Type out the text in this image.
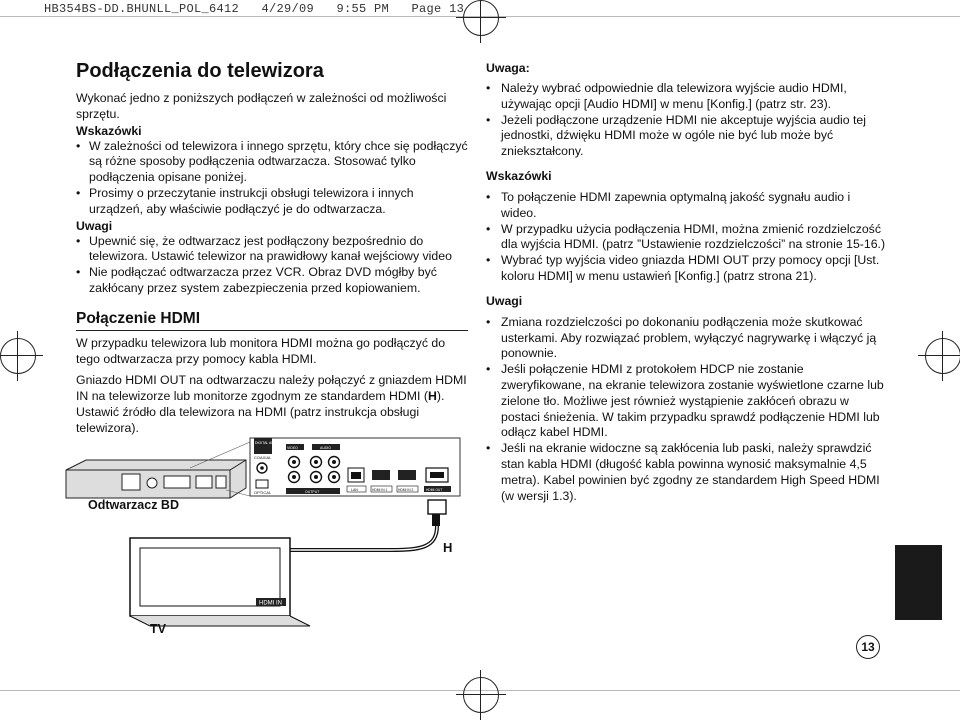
HB354BS-DD.BHUNLL_POL_6412   4/29/09   9:55 PM   Page 13
Podłączenia do telewizora

Wykonać jedno z poniższych podłączeń w zależności od możliwości sprzętu.

Wskazówki
• W zależności od telewizora i innego sprzętu, który chce się podłączyć są różne sposoby podłączenia odtwarzacza. Stosować tylko podłączenia opisane poniżej.
• Prosimy o przeczytanie instrukcji obsługi telewizora i innych urządzeń, aby właściwie podłączyć je do odtwarzacza.
Uwagi
• Upewnić się, że odtwarzacz jest podłączony bezpośrednio do telewizora. Ustawić telewizor na prawidłowy kanał wejściowy video
• Nie podłączać odtwarzacza przez VCR. Obraz DVD mógłby być zakłócany przez system zabezpieczenia przed kopiowaniem.
Połączenie HDMI

W przypadku telewizora lub monitora HDMI można go podłączyć do tego odtwarzacza przy pomocy kabla HDMI.

Gniazdo HDMI OUT na odtwarzaczu należy połączyć z gniazdem HDMI IN na telewizorze lub monitorze zgodnym ze standardem HDMI (H). Ustawić źródło dla telewizora na HDMI (patrz instrukcja obsługi telewizora).

Uwaga:
• Należy wybrać odpowiednie dla telewizora wyjście audio HDMI, używając opcji [Audio HDMI] w menu [Konfig.] (patrz str. 23).
• Jeżeli podłączone urządzenie HDMI nie akceptuje wyjścia audio tej jednostki, dźwięku HDMI może w ogóle nie być lub może być zniekształcony.
Wskazówki
• To połączenie HDMI zapewnia optymalną jakość sygnału audio i wideo.
• W przypadku użycia podłączenia HDMI, można zmienić rozdzielczość dla wyjścia HDMI. (patrz ”Ustawienie rozdzielczości” na stronie 15-16.)
• Wybrać typ wyjścia video gniazda HDMI OUT przy pomocy opcji [Ust. koloru HDMI] w menu ustawień [Konfig.] (patrz strona 21).
Uwagi
• Zmiana rozdzielczości po dokonaniu podłączenia może skutkować usterkami. Aby rozwiązać problem, wyłączyć nagrywarkę i włączyć ją ponownie.
• Jeśli połączenie HDMI z protokołem HDCP nie zostanie zweryfikowane, na ekranie telewizora zostanie wyświetlone czarne lub zielone tło. Możliwe jest również wystąpienie zakłóceń obrazu w postaci śnieżenia. W takim przypadku sprawdź podłączenie HDMI lub odłącz kabel HDMI.
• Jeśli na ekranie widoczne są zakłócenia lub paski, należy sprawdzić stan kabla HDMI (długość kabla powinna wynosić maksymalnie 4,5 metra). Kabel powinien być zgodny ze standardem High Speed HDMI (w wersji 1.3).
DIGITAL AUDIO IN
COAXIAL
OPTICAL
VIDEO	AUDIO
OUTPUT	LAN	HDMI IN 1	HDMI IN 2	HDMI OUT
H
HDMI IN
Odtwarzacz BD
TV
13
